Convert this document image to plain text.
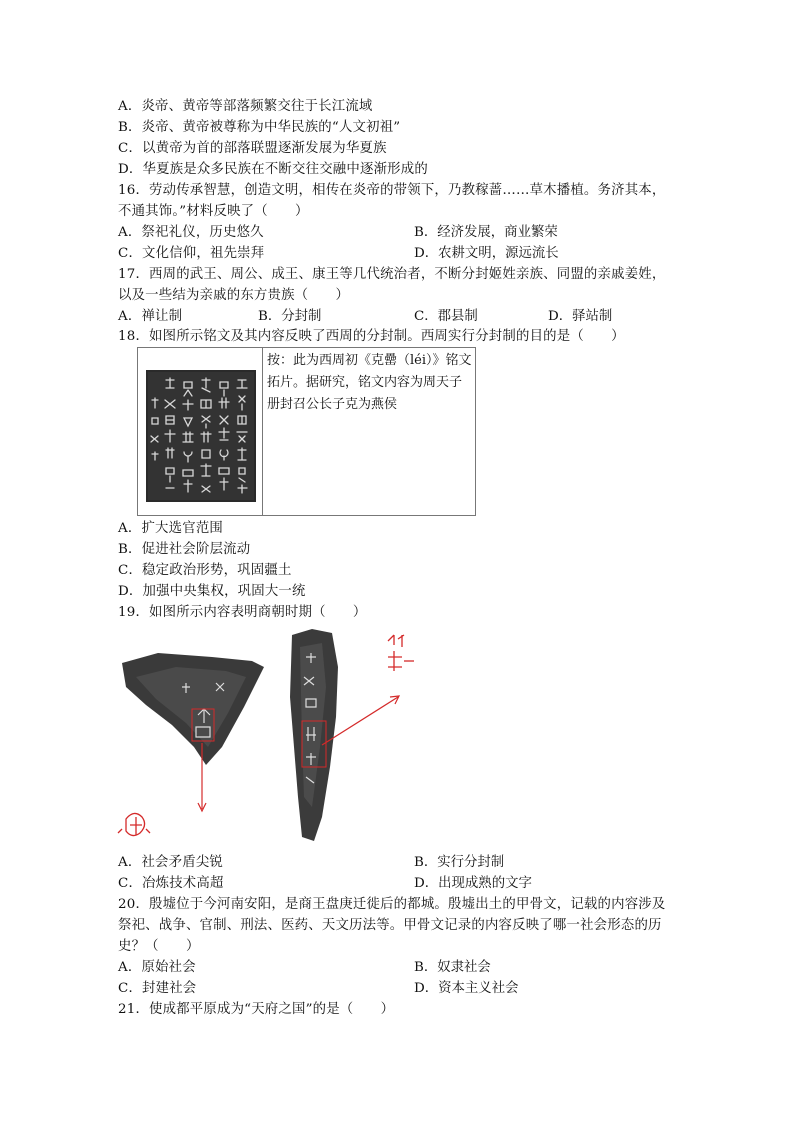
A．炎帝、黄帝等部落频繁交往于长江流域
B．炎帝、黄帝被尊称为中华民族的“人文初祖”
C．以黄帝为首的部落联盟逐渐发展为华夏族
D．华夏族是众多民族在不断交往交融中逐渐形成的
16．劳动传承智慧，创造文明，相传在炎帝的带领下，乃教稼蔷……草木播植。务济其本，
不通其饰。”材料反映了（　　）
A．祭祀礼仪，历史悠久	B．经济发展，商业繁荣
C．文化信仰，祖先崇拜	D．农耕文明，源远流长
17．西周的武王、周公、成王、康王等几代统治者，不断分封姬姓亲族、同盟的亲戚姜姓，
以及一些结为亲戚的东方贵族（　　）
A．禅让制	B．分封制	C．郡县制	D．驿站制
18．如图所示铭文及其内容反映了西周的分封制。西周实行分封制的目的是（　　）
按：此为西周初《克罍（léi）》铭文拓片。据研究，铭文内容为周天子册封召公长子克为燕侯
A．扩大选官范围
B．促进社会阶层流动
C．稳定政治形势，巩固疆土
D．加强中央集权，巩固大一统
19．如图所示内容表明商朝时期（　　）
A．社会矛盾尖锐	B．实行分封制
C．冶炼技术高超	D．出现成熟的文字
20．殷墟位于今河南安阳，是商王盘庚迁徙后的都城。殷墟出土的甲骨文，记载的内容涉及
祭祀、战争、官制、刑法、医药、天文历法等。甲骨文记录的内容反映了哪一社会形态的历
史？（　　）
A．原始社会	B．奴隶社会
C．封建社会	D．资本主义社会
21．使成都平原成为“天府之国”的是（　　）
